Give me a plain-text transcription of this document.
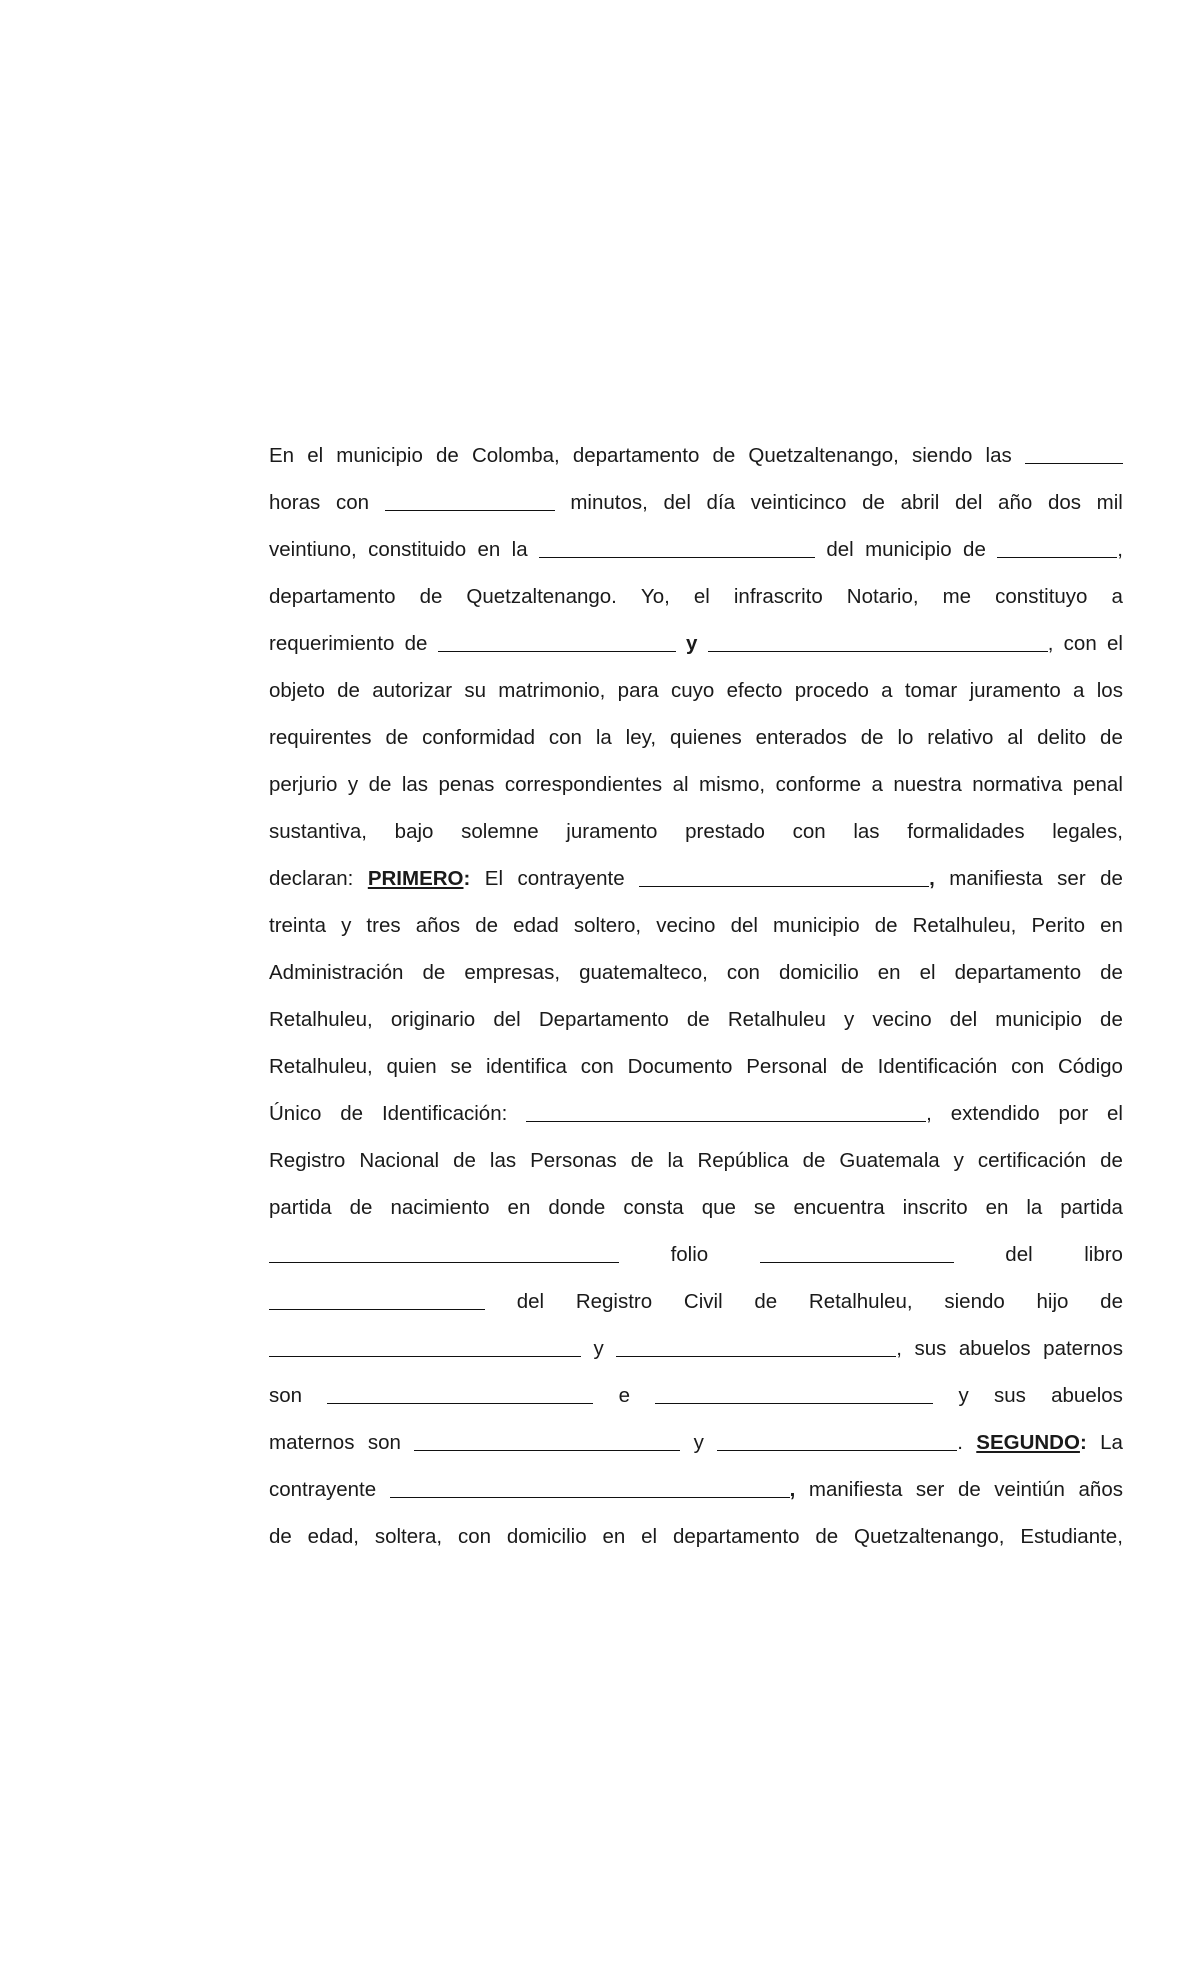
En el municipio de Colomba, departamento de Quetzaltenango, siendo las
horas con	minutos, del día veinticinco de abril del año dos mil
veintiuno, constituido en la	del municipio de	,
departamento de Quetzaltenango. Yo, el infrascrito Notario, me constituyo a
requerimiento de	y	, con el
objeto de autorizar su matrimonio, para cuyo efecto procedo a tomar juramento a los
requirentes de conformidad con la ley, quienes enterados de lo relativo al delito de
perjurio y de las penas correspondientes al mismo, conforme a nuestra normativa penal
sustantiva, bajo solemne juramento prestado con las formalidades legales,
declaran: PRIMERO: El contrayente	, manifiesta ser de
treinta y tres años de edad soltero, vecino del municipio de Retalhuleu, Perito en
Administración de empresas, guatemalteco, con domicilio en el departamento de
Retalhuleu, originario del Departamento de Retalhuleu y vecino del municipio de
Retalhuleu, quien se identifica con Documento Personal de Identificación con Código
Único de Identificación:	, extendido por el
Registro Nacional de las Personas de la República de Guatemala y certificación de
partida de nacimiento en donde consta que se encuentra inscrito en la partida
folio	del	libro
del Registro Civil de Retalhuleu, siendo hijo de
y	, sus abuelos paternos
son	e	y sus abuelos
maternos son	y	. SEGUNDO: La
contrayente	, manifiesta ser de veintiún años
de edad, soltera, con domicilio en el departamento de Quetzaltenango, Estudiante,
